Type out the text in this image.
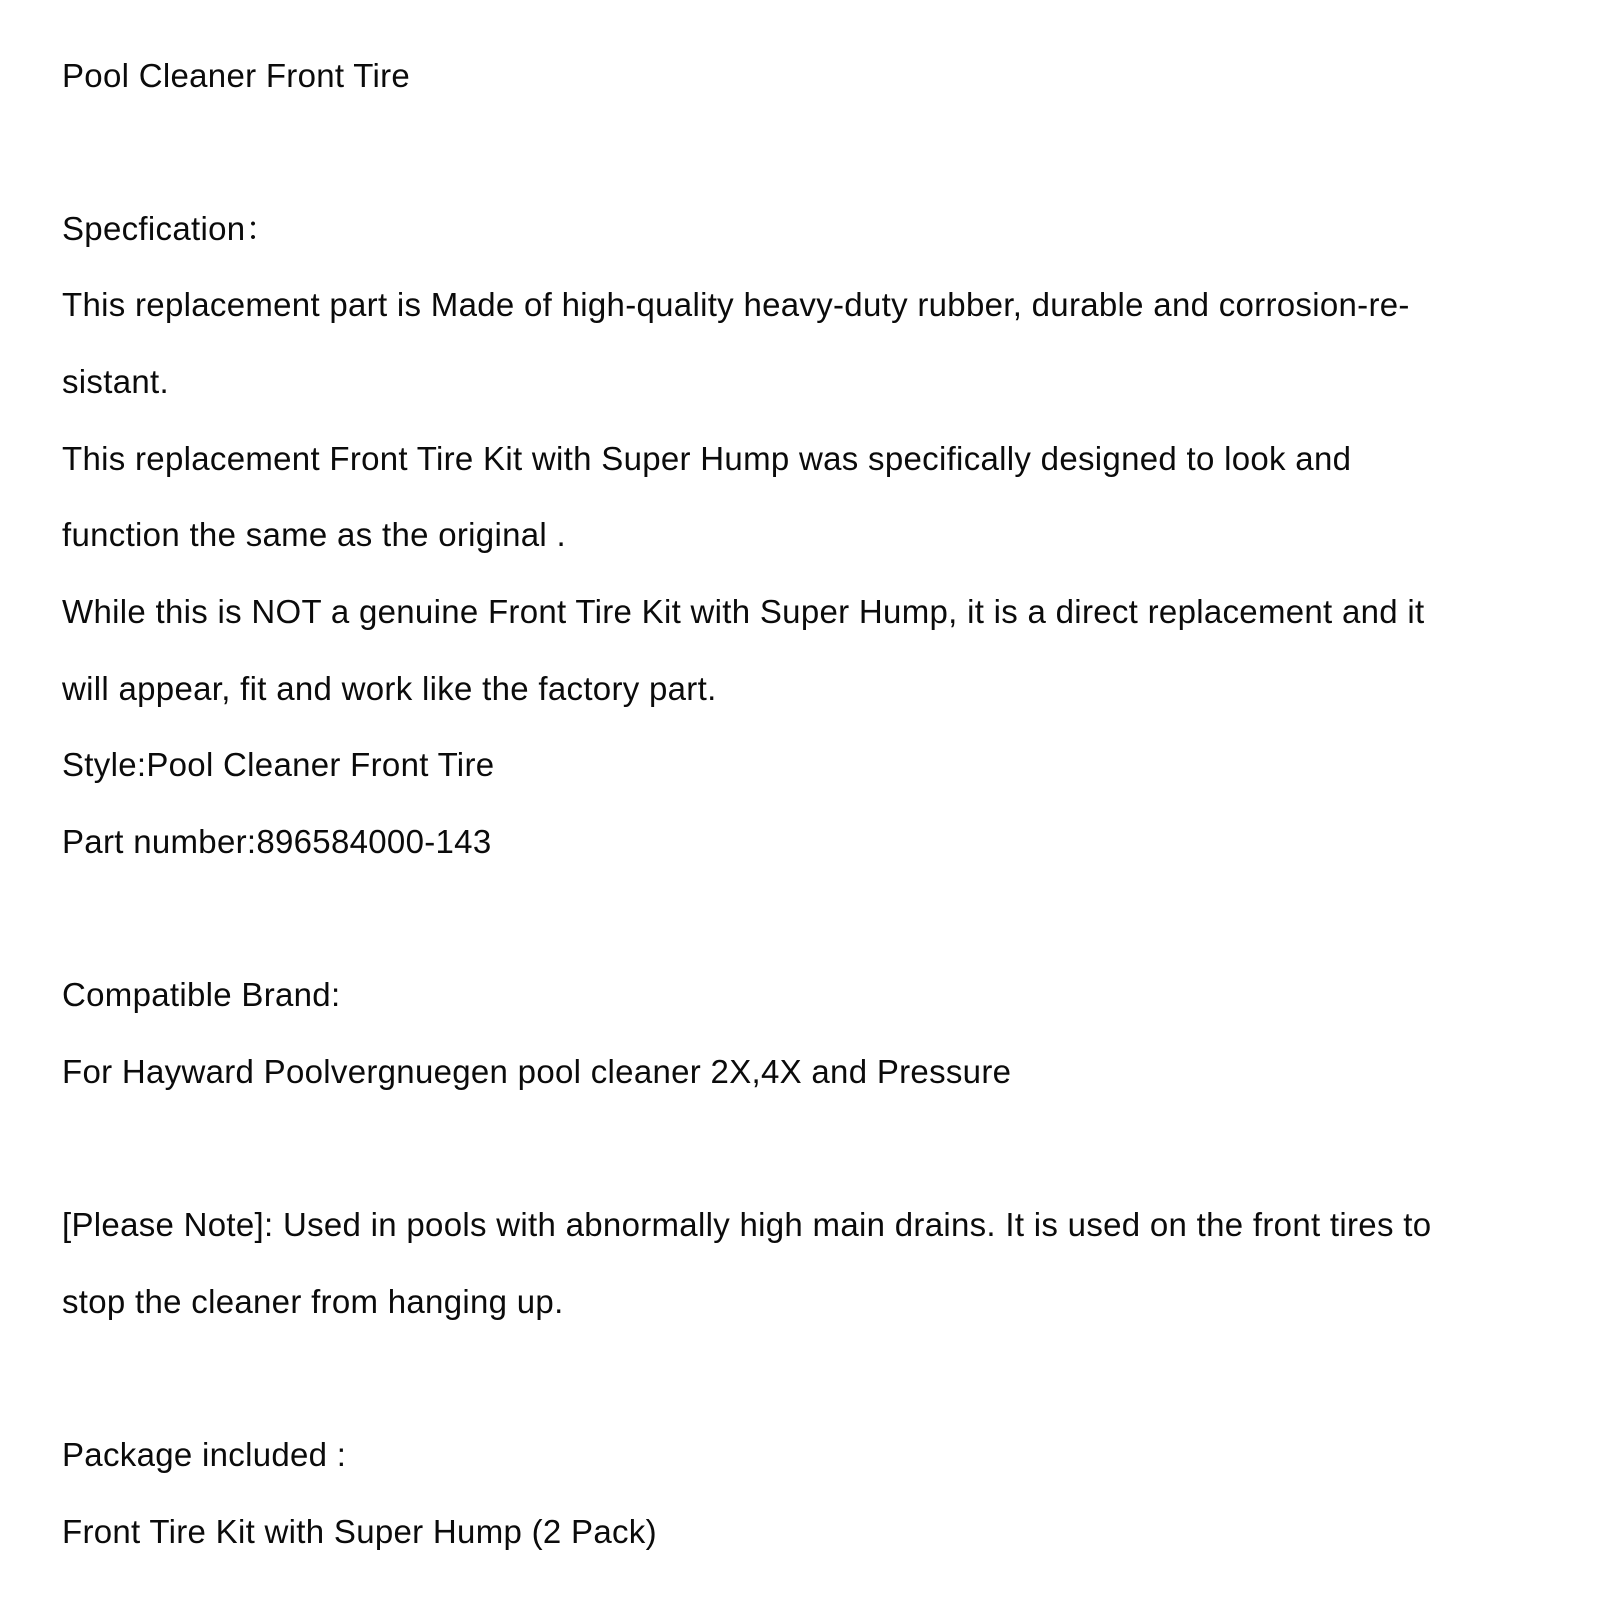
Pool Cleaner Front Tire
Specfication：
This replacement part is Made of high-quality heavy-duty rubber, durable and corrosion-re-
sistant.
This replacement Front Tire Kit with Super Hump was specifically designed to look and
function the same as the original .
While this is NOT a genuine Front Tire Kit with Super Hump, it is a direct replacement and it
will appear, fit and work like the factory part.
Style:Pool Cleaner Front Tire
Part number:896584000-143
Compatible Brand:
For Hayward Poolvergnuegen pool cleaner 2X,4X and Pressure
[Please Note]: Used in pools with abnormally high main drains. It is used on the front tires to
stop the cleaner from hanging up.
Package included :
Front Tire Kit with Super Hump (2 Pack)
